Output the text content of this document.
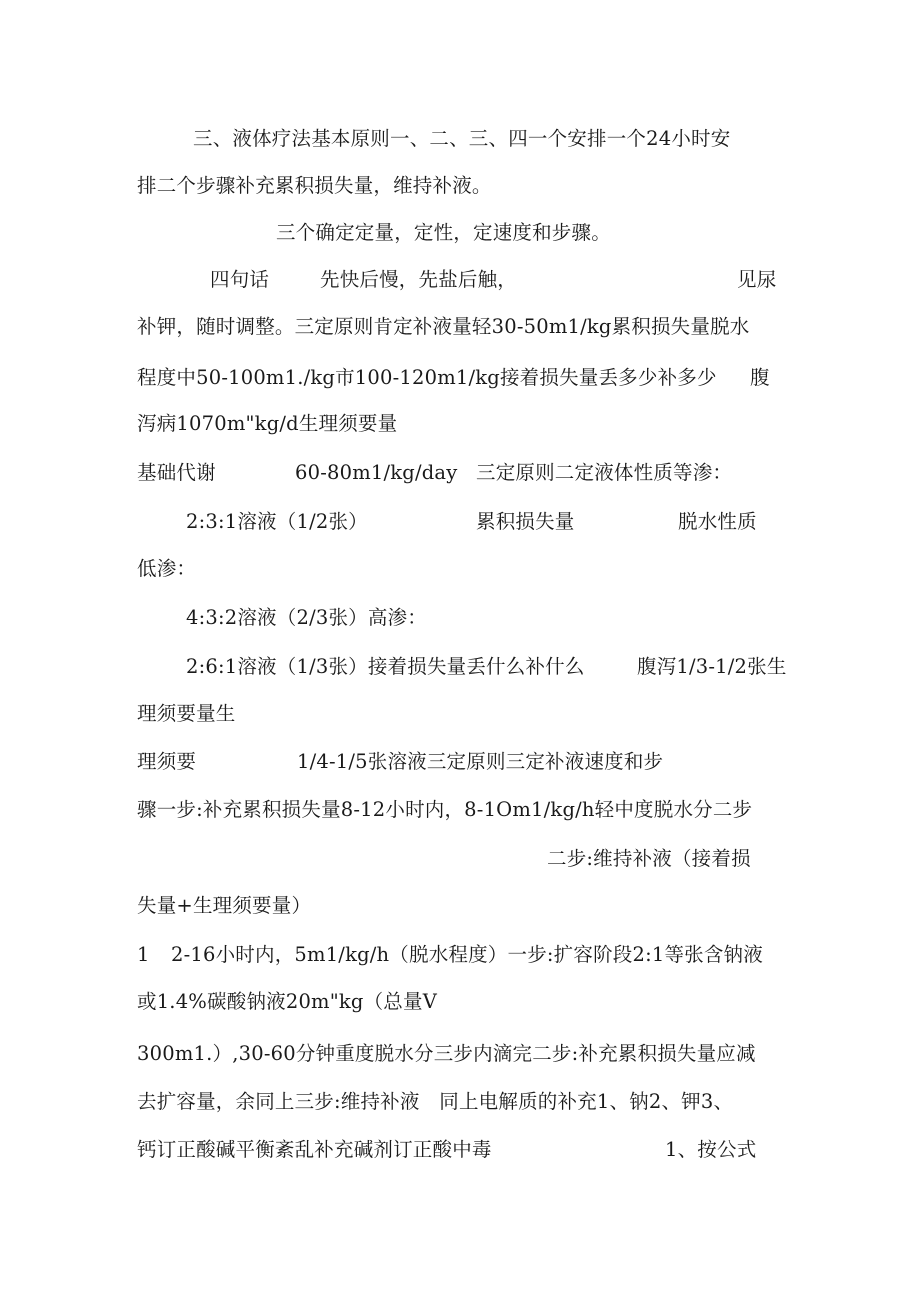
三、液体疗法基本原则一、二、三、四一个安排一个24小时安
排二个步骤补充累积损失量，维持补液。
三个确定定量，定性，定速度和步骤。
四句话	先快后慢，先盐后触，	见尿
补钾，随时调整。三定原则肯定补液量轻30-50m1∕kg累积损失量脱水
程度中50-100m1./kg市100-120m1∕kg接着损失量丢多少补多少 腹
泻病1070m"kg∕d生理须要量
基础代谢	60-80m1∕kg/day 三定原则二定液体性质等渗：
2:3:1溶液（1/2张）	累积损失量	脱水性质
低渗：
4:3:2溶液（2/3张）高渗：
2:6:1溶液（1/3张）接着损失量丢什么补什么	腹泻1/3-1/2张生
理须要量生
理须要	1/4-1/5张溶液三定原则三定补液速度和步
骤一步:补充累积损失量8-12小时内，8-1Om1∕kg∕h轻中度脱水分二步
二步:维持补液（接着损
失量+生理须要量）
1 2-16小时内，5m1∕kg∕h（脱水程度）一步:扩容阶段2:1等张含钠液
或1.4%碳酸钠液20m"kg（总量V
300m1.）,30-60分钟重度脱水分三步内滴完二步:补充累积损失量应减
去扩容量，余同上三步:维持补液　同上电解质的补充1、钠2、钾3、
钙订正酸碱平衡紊乱补充碱剂订正酸中毒	1、按公式
